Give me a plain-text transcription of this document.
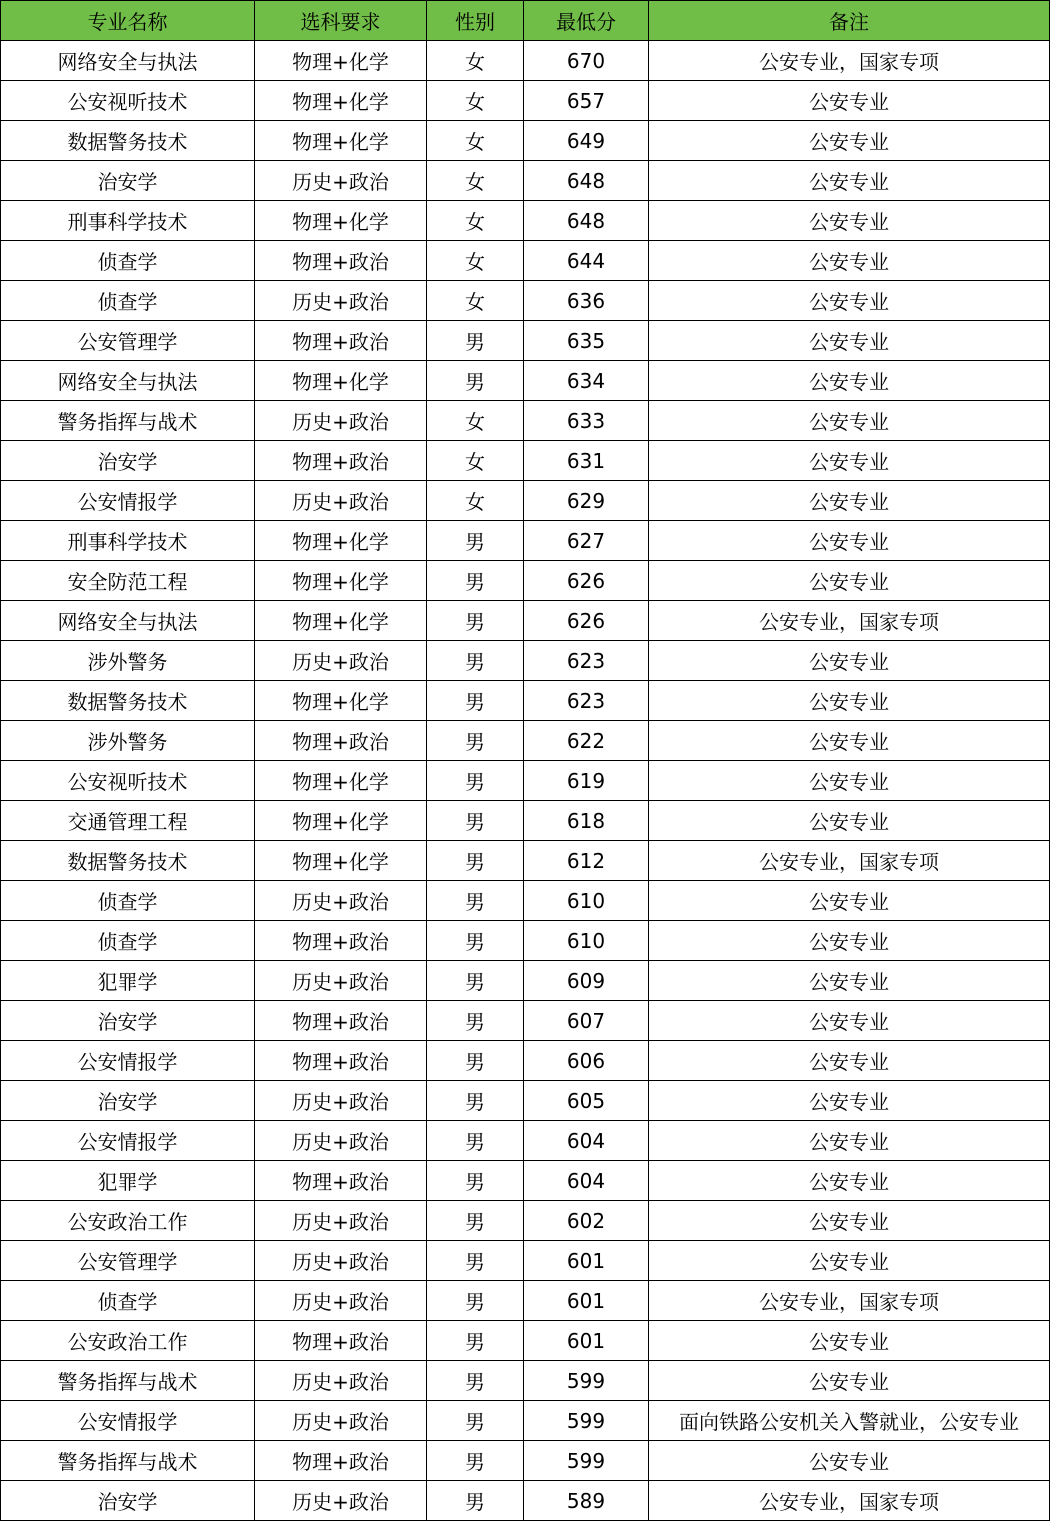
专业名称	选科要求	性别	最低分	备注
网络安全与执法	物理+化学	女	670	公安专业，国家专项
公安视听技术	物理+化学	女	657	公安专业
数据警务技术	物理+化学	女	649	公安专业
治安学	历史+政治	女	648	公安专业
刑事科学技术	物理+化学	女	648	公安专业
侦查学	物理+政治	女	644	公安专业
侦查学	历史+政治	女	636	公安专业
公安管理学	物理+政治	男	635	公安专业
网络安全与执法	物理+化学	男	634	公安专业
警务指挥与战术	历史+政治	女	633	公安专业
治安学	物理+政治	女	631	公安专业
公安情报学	历史+政治	女	629	公安专业
刑事科学技术	物理+化学	男	627	公安专业
安全防范工程	物理+化学	男	626	公安专业
网络安全与执法	物理+化学	男	626	公安专业，国家专项
涉外警务	历史+政治	男	623	公安专业
数据警务技术	物理+化学	男	623	公安专业
涉外警务	物理+政治	男	622	公安专业
公安视听技术	物理+化学	男	619	公安专业
交通管理工程	物理+化学	男	618	公安专业
数据警务技术	物理+化学	男	612	公安专业，国家专项
侦查学	历史+政治	男	610	公安专业
侦查学	物理+政治	男	610	公安专业
犯罪学	历史+政治	男	609	公安专业
治安学	物理+政治	男	607	公安专业
公安情报学	物理+政治	男	606	公安专业
治安学	历史+政治	男	605	公安专业
公安情报学	历史+政治	男	604	公安专业
犯罪学	物理+政治	男	604	公安专业
公安政治工作	历史+政治	男	602	公安专业
公安管理学	历史+政治	男	601	公安专业
侦查学	历史+政治	男	601	公安专业，国家专项
公安政治工作	物理+政治	男	601	公安专业
警务指挥与战术	历史+政治	男	599	公安专业
公安情报学	历史+政治	男	599	面向铁路公安机关入警就业，公安专业
警务指挥与战术	物理+政治	男	599	公安专业
治安学	历史+政治	男	589	公安专业，国家专项
